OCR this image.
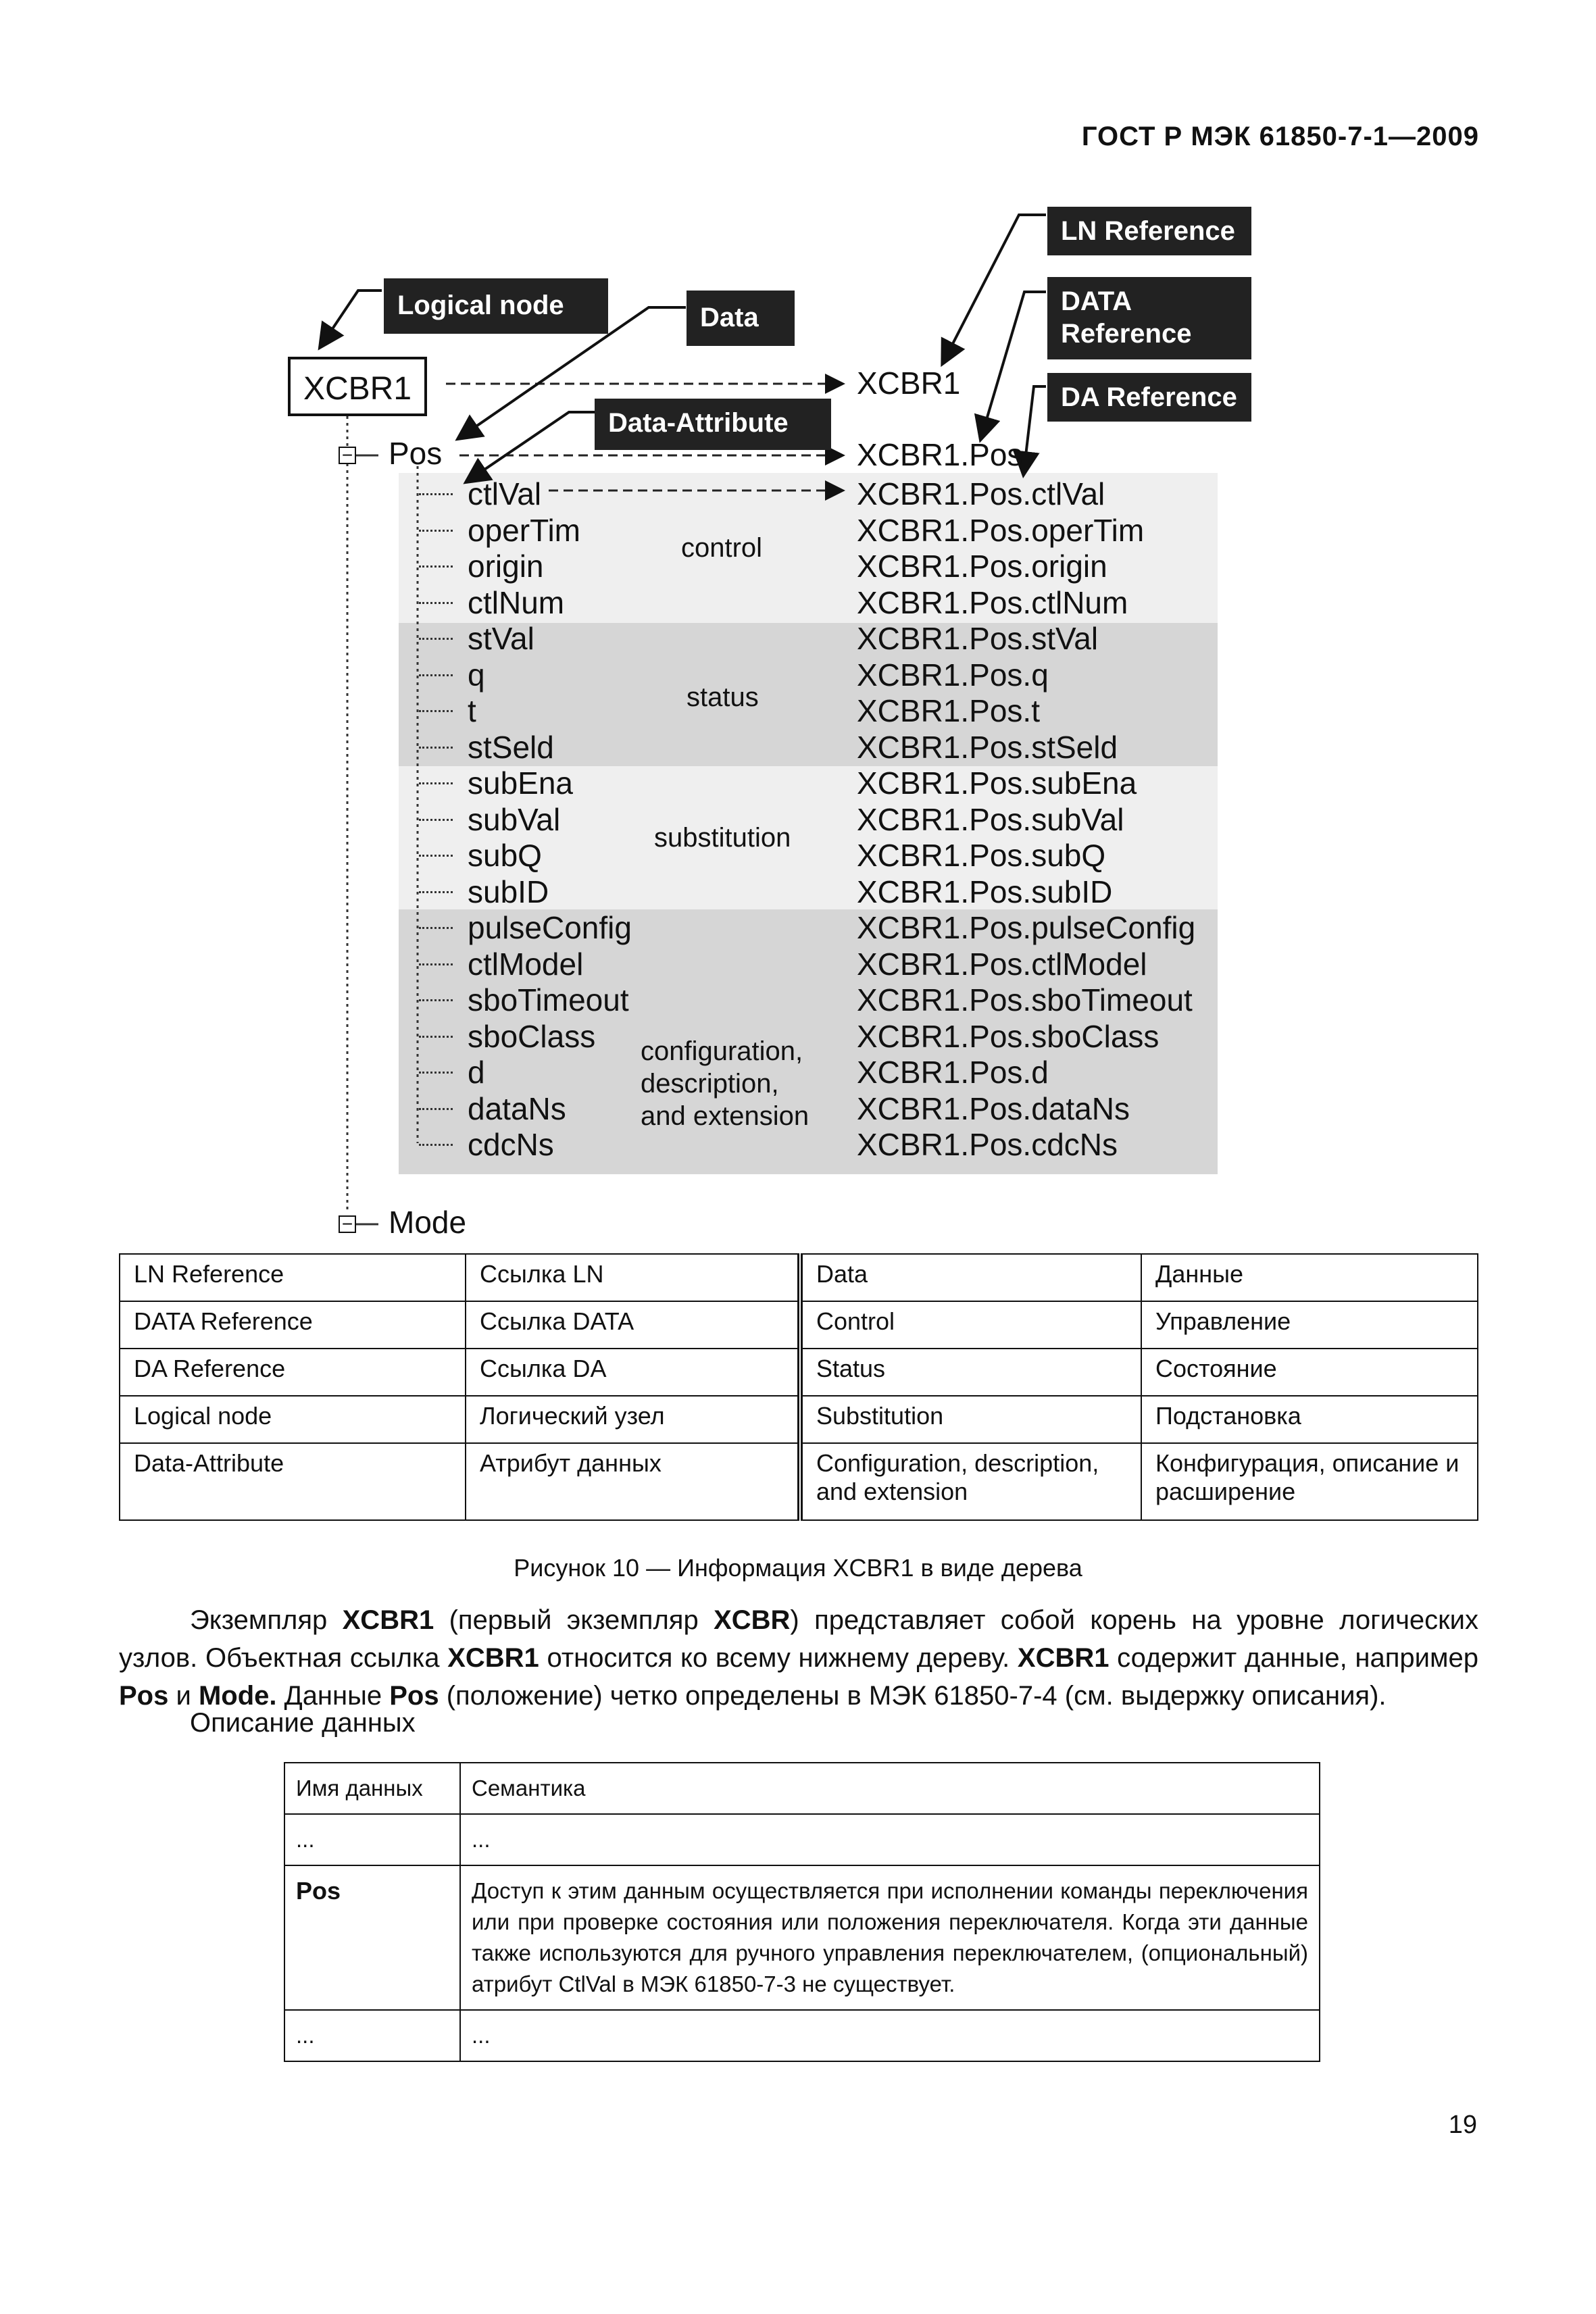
ГОСТ Р МЭК 61850-7-1—2009
LN Reference
DATA
Reference
DA Reference
Logical node	Data
Data-Attribute
XCBR1
− Pos
ctlVal	XCBR1.Pos.ctlVal
operTim	XCBR1.Pos.operTim
origin	XCBR1.Pos.origin
ctlNum	XCBR1.Pos.ctlNum
stVal	XCBR1.Pos.stVal
q	XCBR1.Pos.q
t	XCBR1.Pos.t
stSeld	XCBR1.Pos.stSeld
subEna	XCBR1.Pos.subEna
subVal	XCBR1.Pos.subVal
subQ	XCBR1.Pos.subQ
subID	XCBR1.Pos.subID
pulseConfig	XCBR1.Pos.pulseConfig
ctlModel	XCBR1.Pos.ctlModel
sboTimeout	XCBR1.Pos.sboTimeout
sboClass	XCBR1.Pos.sboClass
d	XCBR1.Pos.d
dataNs	XCBR1.Pos.dataNs
cdcNs	XCBR1.Pos.cdcNs
XCBR1
XCBR1.Pos
control
status
substitution
configuration,
description,
and extension
− Mode
LN Reference	Ссылка LN	Data	Данные
DATA Reference	Ссылка DATA	Control	Управление
DA Reference	Ссылка DA	Status	Состояние
Logical node	Логический узел	Substitution	Подстановка
Data-Attribute	Атрибут данных	Configuration, description, and extension	Конфигурация, описание и расширение
Рисунок 10 — Информация XCBR1 в виде дерева
Экземпляр XCBR1 (первый экземпляр XCBR) представляет собой корень на уровне логических узлов. Объектная ссылка XCBR1 относится ко всему нижнему дереву. XCBR1 содержит данные, например Pos и Mode. Данные Pos (положение) четко определены в МЭК 61850-7-4 (см. выдержку описания).
Описание данных
Имя данных	Семантика
...	...
Pos	Доступ к этим данным осуществляется при исполнении команды переключения или при проверке состояния или положения переключателя. Когда эти данные также используются для ручного управления переключателем, (опциональный) атрибут CtlVal в МЭК 61850-7-3 не существует.
...	...
19
